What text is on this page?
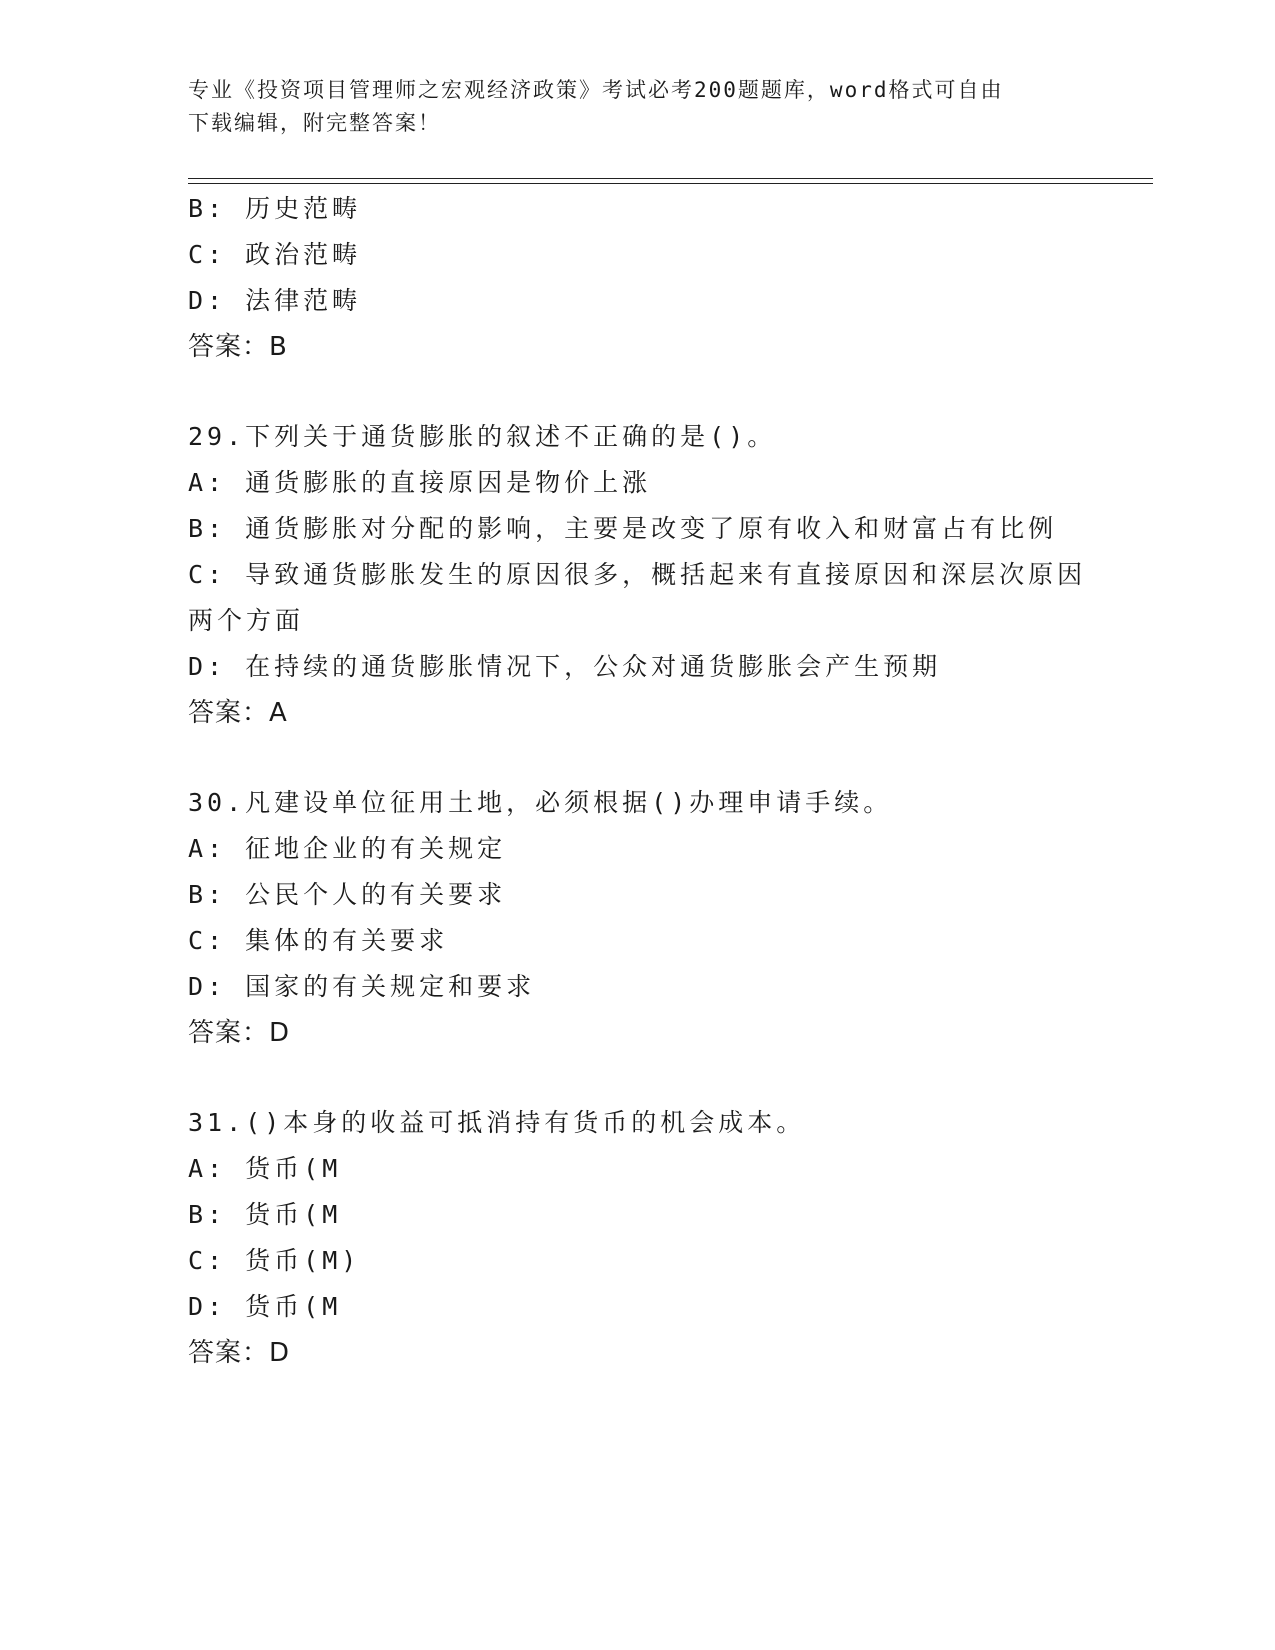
专业《投资项目管理师之宏观经济政策》考试必考200题题库，word格式可自由
下载编辑，附完整答案！
B: 历史范畴
C: 政治范畴
D: 法律范畴
答案：B
29.下列关于通货膨胀的叙述不正确的是()。
A: 通货膨胀的直接原因是物价上涨
B: 通货膨胀对分配的影响，主要是改变了原有收入和财富占有比例
C: 导致通货膨胀发生的原因很多，概括起来有直接原因和深层次原因
两个方面
D: 在持续的通货膨胀情况下，公众对通货膨胀会产生预期
答案：A
30.凡建设单位征用土地，必须根据()办理申请手续。
A: 征地企业的有关规定
B: 公民个人的有关要求
C: 集体的有关要求
D: 国家的有关规定和要求
答案：D
31.()本身的收益可抵消持有货币的机会成本。
A: 货币(M
B: 货币(M
C: 货币(M)
D: 货币(M
答案：D
